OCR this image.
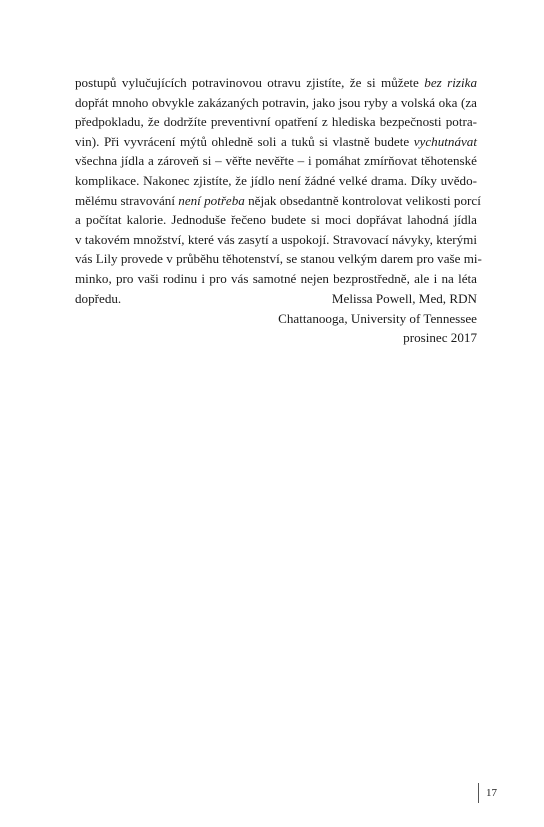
postupů vylučujících potravinovou otravu zjistíte, že si můžete bez rizika
dopřát mnoho obvykle zakázaných potravin, jako jsou ryby a volská oka (za
předpokladu, že dodržíte preventivní opatření z hlediska bezpečnosti potra-
vin). Při vyvrácení mýtů ohledně soli a tuků si vlastně budete vychutnávat
všechna jídla a zároveň si – věřte nevěřte – i pomáhat zmírňovat těhotenské
komplikace. Nakonec zjistíte, že jídlo není žádné velké drama. Díky uvědo-
mělému stravování není potřeba nějak obsedantně kontrolovat velikosti porcí
a počítat kalorie. Jednoduše řečeno budete si moci dopřávat lahodná jídla
v takovém množství, které vás zasytí a uspokojí. Stravovací návyky, kterými
vás Lily provede v průběhu těhotenství, se stanou velkým darem pro vaše mi-
minko, pro vaši rodinu i pro vás samotné nejen bezprostředně, ale i na léta
dopředu.	Melissa Powell, Med, RDN
Chattanooga, University of Tennessee
prosinec 2017
17
